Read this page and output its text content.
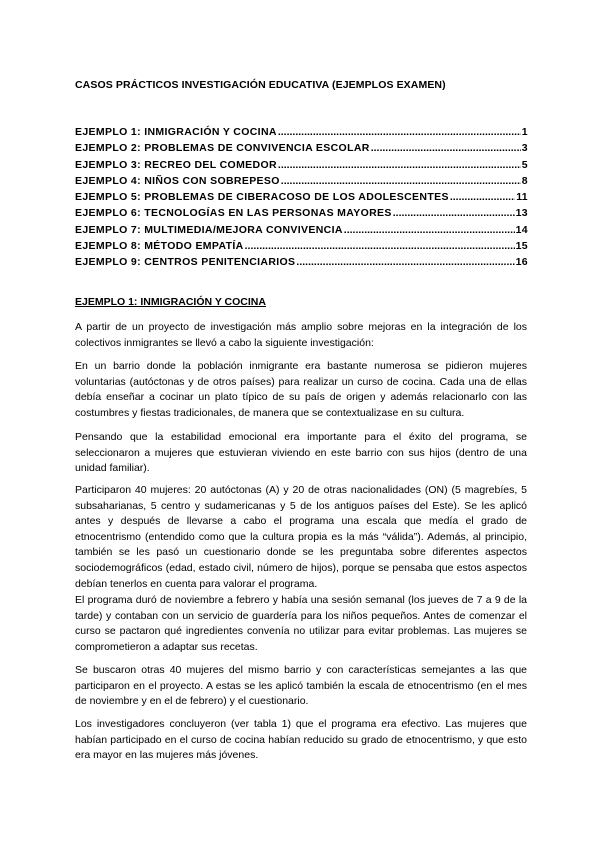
CASOS PRÁCTICOS INVESTIGACIÓN EDUCATIVA (EJEMPLOS EXAMEN)
EJEMPLO 1: INMIGRACIÓN Y COCINA .....	1
EJEMPLO 2: PROBLEMAS DE CONVIVENCIA ESCOLAR .....	3
EJEMPLO 3: RECREO DEL COMEDOR .....	5
EJEMPLO 4: NIÑOS CON SOBREPESO .....	8
EJEMPLO 5: PROBLEMAS DE CIBERACOSO DE LOS ADOLESCENTES .....	11
EJEMPLO 6: TECNOLOGÍAS EN LAS PERSONAS MAYORES .....	13
EJEMPLO 7: MULTIMEDIA/MEJORA CONVIVENCIA .....	14
EJEMPLO 8: MÉTODO EMPATÍA .....	15
EJEMPLO 9: CENTROS PENITENCIARIOS .....	16
EJEMPLO 1: INMIGRACIÓN Y COCINA

A partir de un proyecto de investigación más amplio sobre mejoras en la integración de los colectivos inmigrantes se llevó a cabo la siguiente investigación:

En un barrio donde la población inmigrante era bastante numerosa se pidieron mujeres voluntarias (autóctonas y de otros países) para realizar un curso de cocina. Cada una de ellas debía enseñar a cocinar un plato típico de su país de origen y además relacionarlo con las costumbres y fiestas tradicionales, de manera que se contextualizase en su cultura.

Pensando que la estabilidad emocional era importante para el éxito del programa, se seleccionaron a mujeres que estuvieran viviendo en este barrio con sus hijos (dentro de una unidad familiar).

Participaron 40 mujeres: 20 autóctonas (A) y 20 de otras nacionalidades (ON) (5 magrebíes, 5 subsaharianas, 5 centro y sudamericanas y 5 de los antiguos países del Este). Se les aplicó antes y después de llevarse a cabo el programa una escala que medía el grado de etnocentrismo (entendido como que la cultura propia es la más “válida”). Además, al principio, también se les pasó un cuestionario donde se les preguntaba sobre diferentes aspectos sociodemográficos (edad, estado civil, número de hijos), porque se pensaba que estos aspectos debían tenerlos en cuenta para valorar el programa.

El programa duró de noviembre a febrero y había una sesión semanal (los jueves de 7 a 9 de la tarde) y contaban con un servicio de guardería para los niños pequeños. Antes de comenzar el curso se pactaron qué ingredientes convenía no utilizar para evitar problemas. Las mujeres se comprometieron a adaptar sus recetas.

Se buscaron otras 40 mujeres del mismo barrio y con características semejantes a las que participaron en el proyecto. A estas se les aplicó también la escala de etnocentrismo (en el mes de noviembre y en el de febrero) y el cuestionario.

Los investigadores concluyeron (ver tabla 1) que el programa era efectivo. Las mujeres que habían participado en el curso de cocina habían reducido su grado de etnocentrismo, y que esto era mayor en las mujeres más jóvenes.
